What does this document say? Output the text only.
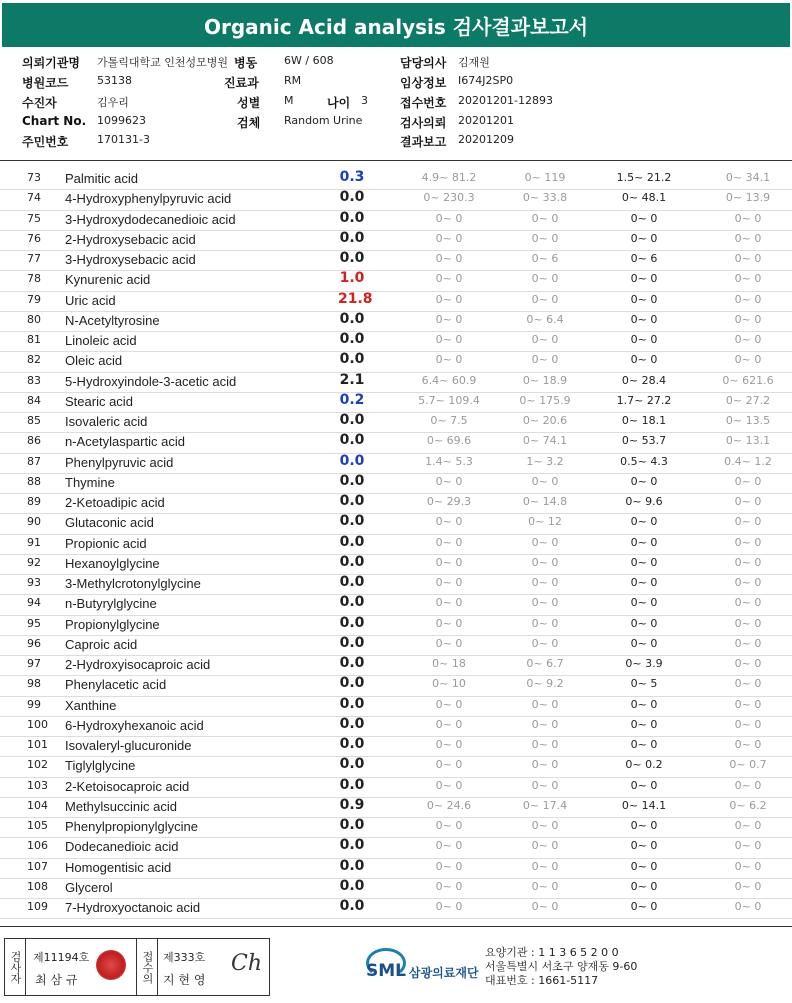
Organic Acid analysis 검사결과보고서
의뢰기관명 가톨릭대학교 인천성모병원 병동 6W / 608	담당의사 김재원
병원코드	53138	진료과 RM	임상정보 I674J2SP0
수진자	김우리	성별 M	나이 3	접수번호 20201201-12893
Chart No. 1099623	검체 Random Urine	검사의뢰 20201201
주민번호	170131-3	결과보고 20201209
73 Palmitic acid	0.3	4.9~ 81.2	0~ 119	1.5~ 21.2	0~ 34.1
74 4-Hydroxyphenylpyruvic acid	0.0	0~ 230.3	0~ 33.8	0~ 48.1	0~ 13.9
75 3-Hydroxydodecanedioic acid	0.0	0~ 0	0~ 0	0~ 0	0~ 0
76 2-Hydroxysebacic acid	0.0	0~ 0	0~ 0	0~ 0	0~ 0
77 3-Hydroxysebacic acid	0.0	0~ 0	0~ 6	0~ 6	0~ 0
78 Kynurenic acid	1.0	0~ 0	0~ 0	0~ 0	0~ 0
79 Uric acid	21.8	0~ 0	0~ 0	0~ 0	0~ 0
80 N-Acetyltyrosine	0.0	0~ 0	0~ 6.4	0~ 0	0~ 0
81 Linoleic acid	0.0	0~ 0	0~ 0	0~ 0	0~ 0
82 Oleic acid	0.0	0~ 0	0~ 0	0~ 0	0~ 0
83 5-Hydroxyindole-3-acetic acid	2.1	6.4~ 60.9	0~ 18.9	0~ 28.4	0~ 621.6
84 Stearic acid	0.2	5.7~ 109.4	0~ 175.9	1.7~ 27.2	0~ 27.2
85 Isovaleric acid	0.0	0~ 7.5	0~ 20.6	0~ 18.1	0~ 13.5
86 n-Acetylaspartic acid	0.0	0~ 69.6	0~ 74.1	0~ 53.7	0~ 13.1
87 Phenylpyruvic acid	0.0	1.4~ 5.3	1~ 3.2	0.5~ 4.3	0.4~ 1.2
88 Thymine	0.0	0~ 0	0~ 0	0~ 0	0~ 0
89 2-Ketoadipic acid	0.0	0~ 29.3	0~ 14.8	0~ 9.6	0~ 0
90 Glutaconic acid	0.0	0~ 0	0~ 12	0~ 0	0~ 0
91 Propionic acid	0.0	0~ 0	0~ 0	0~ 0	0~ 0
92 Hexanoylglycine	0.0	0~ 0	0~ 0	0~ 0	0~ 0
93 3-Methylcrotonylglycine	0.0	0~ 0	0~ 0	0~ 0	0~ 0
94 n-Butyrylglycine	0.0	0~ 0	0~ 0	0~ 0	0~ 0
95 Propionylglycine	0.0	0~ 0	0~ 0	0~ 0	0~ 0
96 Caproic acid	0.0	0~ 0	0~ 0	0~ 0	0~ 0
97 2-Hydroxyisocaproic acid	0.0	0~ 18	0~ 6.7	0~ 3.9	0~ 0
98 Phenylacetic acid	0.0	0~ 10	0~ 9.2	0~ 5	0~ 0
99 Xanthine	0.0	0~ 0	0~ 0	0~ 0	0~ 0
100 6-Hydroxyhexanoic acid	0.0	0~ 0	0~ 0	0~ 0	0~ 0
101 Isovaleryl-glucuronide	0.0	0~ 0	0~ 0	0~ 0	0~ 0
102 Tiglylglycine	0.0	0~ 0	0~ 0	0~ 0.2	0~ 0.7
103 2-Ketoisocaproic acid	0.0	0~ 0	0~ 0	0~ 0	0~ 0
104 Methylsuccinic acid	0.9	0~ 24.6	0~ 17.4	0~ 14.1	0~ 6.2
105 Phenylpropionylglycine	0.0	0~ 0	0~ 0	0~ 0	0~ 0
106 Dodecanedioic acid	0.0	0~ 0	0~ 0	0~ 0	0~ 0
107 Homogentisic acid	0.0	0~ 0	0~ 0	0~ 0	0~ 0
108 Glycerol	0.0	0~ 0	0~ 0	0~ 0	0~ 0
109 7-Hydroxyoctanoic acid	0.0	0~ 0	0~ 0	0~ 0	0~ 0
검사자	제11194호
최 삼 규	접수의 제333호
지 현 영
Ch	SML 삼광의료재단
요양기관 : 1 1 3 6 5 2 0 0
서울특별시 서초구 양재동 9-60
대표번호 : 1661-5117
